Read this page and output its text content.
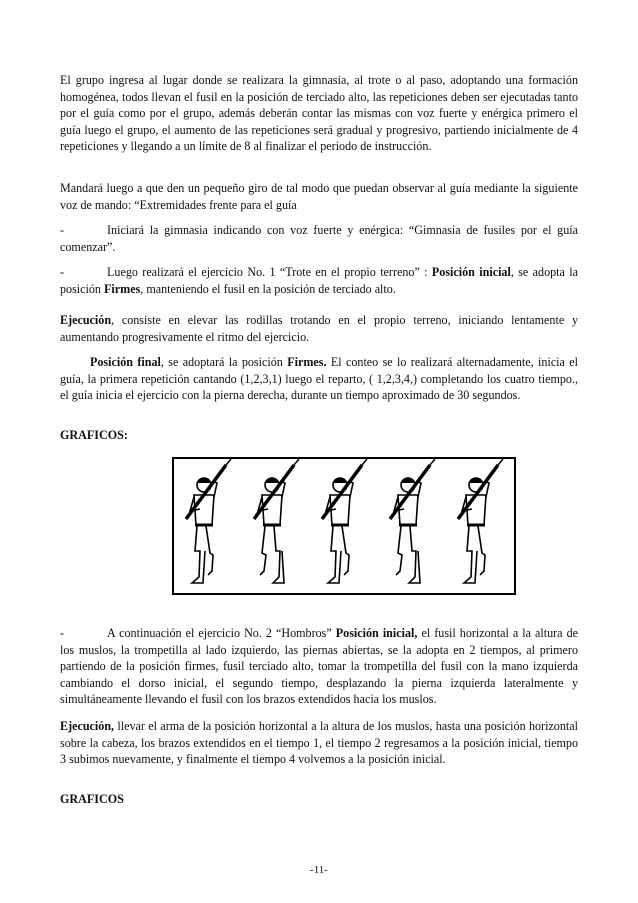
El grupo ingresa al lugar donde se realizara la gimnasia, al trote o al paso, adoptando una formación homogénea, todos llevan el fusil en la posición de terciado alto, las repeticiones deben ser ejecutadas tanto por el guía como por el grupo, además deberán contar las mismas con voz fuerte y enérgica primero el guía luego el grupo, el aumento de las repeticiones será gradual y progresivo, partiendo inicialmente de 4 repeticiones y llegando a un límite de 8 al finalizar el periodo de instrucción.

Mandará luego a que den un pequeño giro de tal modo que puedan observar al guía mediante la siguiente voz de mando: “Extremidades frente para el guía

-	Iniciará la gimnasia indicando con voz fuerte y enérgica: “Gimnasia de fusiles por el guía comenzar”.

-	Luego realizará el ejercicio No. 1 “Trote en el propio terreno” : Posición inicial, se adopta la posición Firmes, manteniendo el fusil en la posición de terciado alto.

Ejecución, consiste en elevar las rodillas trotando en el propio terreno, iniciando lentamente y aumentando progresivamente el ritmo del ejercicio.

Posición final, se adoptará la posición Firmes. El conteo se lo realizará alternadamente, inicia el guía, la primera repetición cantando (1,2,3,1) luego el reparto, ( 1,2,3,4,) completando los cuatro tiempo., el guía inicia el ejercicio con la pierna derecha, durante un tiempo aproximado de 30 segundos.

GRAFICOS:

-	A continuación el ejercicio No. 2 “Hombros” Posición inicial, el fusil horizontal a la altura de los muslos, la trompetilla al lado izquierdo, las piernas abiertas, se la adopta en 2 tiempos, al primero partiendo de la posición firmes, fusil terciado alto, tomar la trompetilla del fusil con la mano izquierda cambiando el dorso inicial, el segundo tiempo, desplazando la pierna izquierda lateralmente y simultáneamente llevando el fusil con los brazos extendidos hacia los muslos.

Ejecución, llevar el arma de la posición horizontal a la altura de los muslos, hasta una posición horizontal sobre la cabeza, los brazos extendidos en el tiempo 1, el tiempo 2 regresamos a la posición inicial, tiempo 3 subimos nuevamente, y finalmente el tiempo 4 volvemos a la posición inicial.

GRAFICOS

-11-
